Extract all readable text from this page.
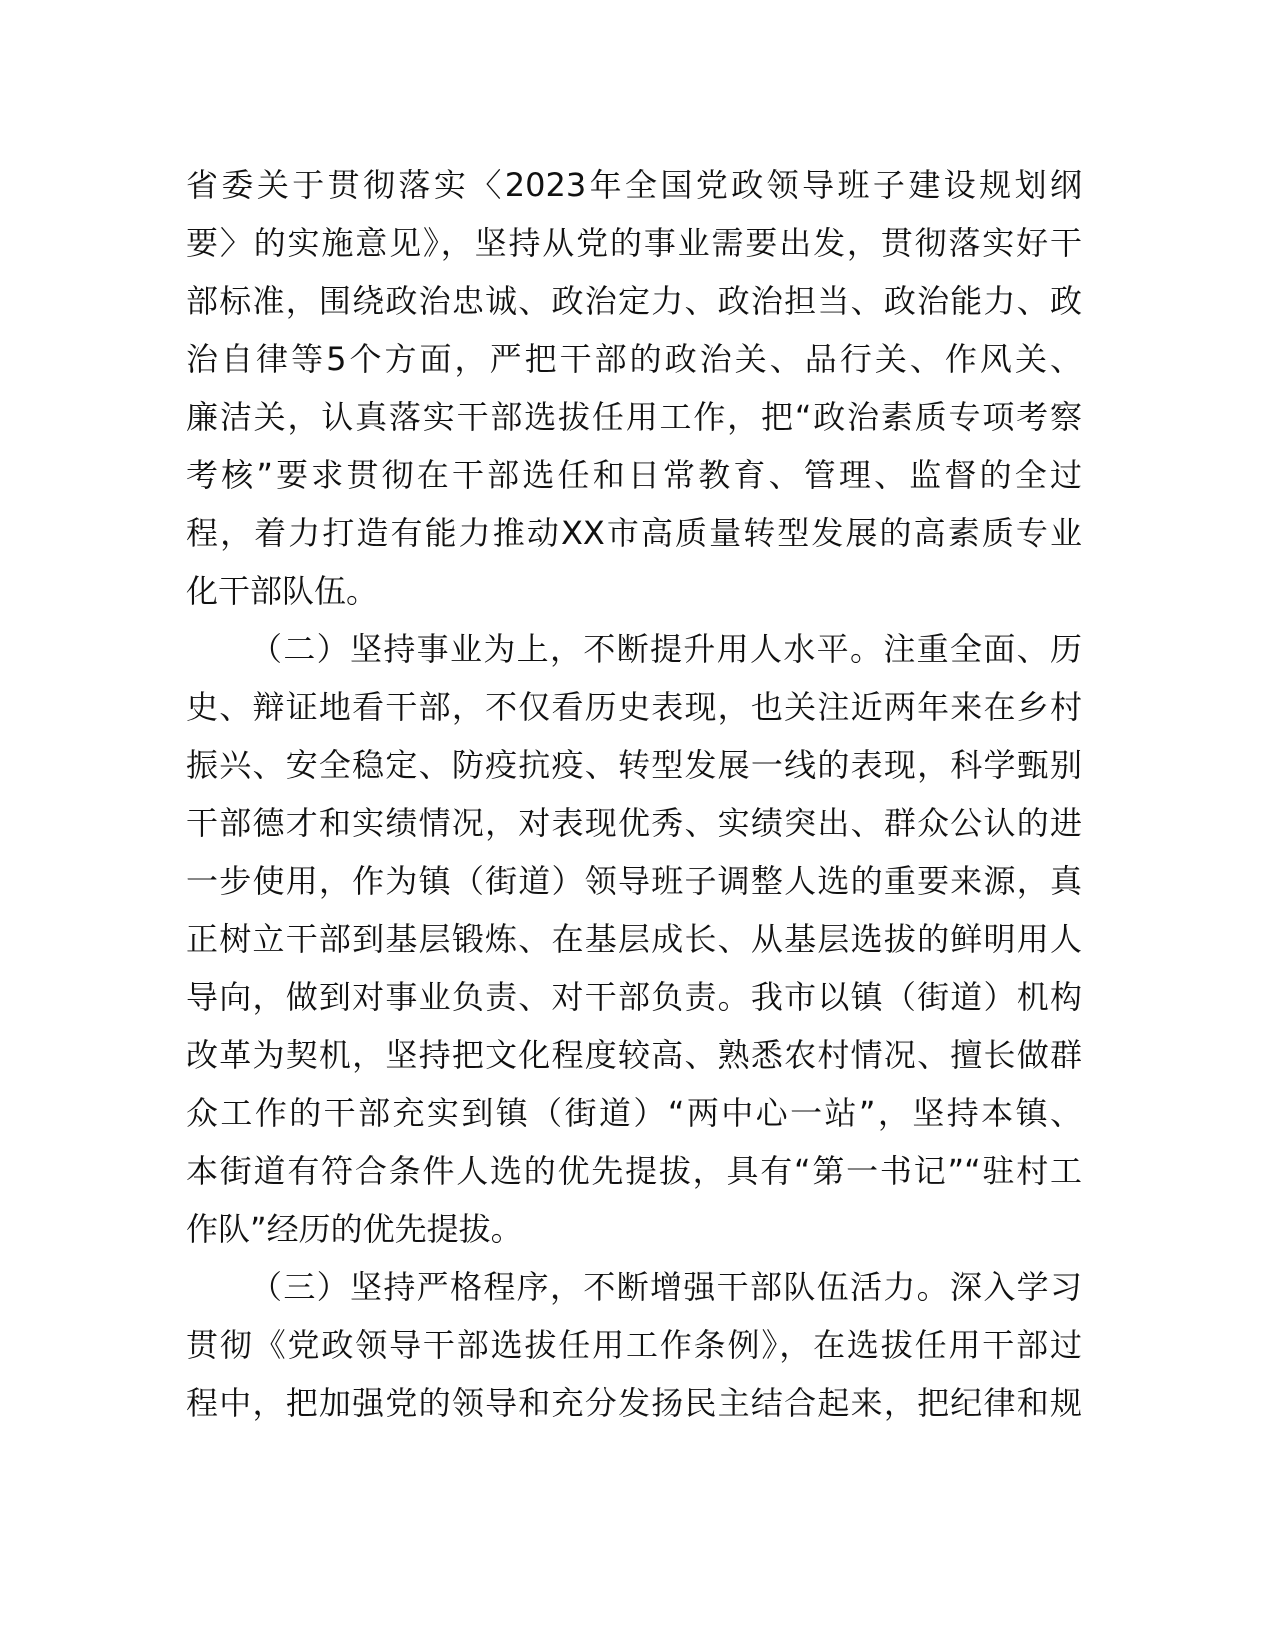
省委关于贯彻落实〈2023年全国党政领导班子建设规划纲
要〉的实施意见》，坚持从党的事业需要出发，贯彻落实好干
部标准，围绕政治忠诚、政治定力、政治担当、政治能力、政
治自律等5个方面，严把干部的政治关、品行关、作风关、
廉洁关，认真落实干部选拔任用工作，把“政治素质专项考察
考核”要求贯彻在干部选任和日常教育、管理、监督的全过
程，着力打造有能力推动XX市高质量转型发展的高素质专业
化干部队伍。
（二）坚持事业为上，不断提升用人水平。注重全面、历
史、辩证地看干部，不仅看历史表现，也关注近两年来在乡村
振兴、安全稳定、防疫抗疫、转型发展一线的表现，科学甄别
干部德才和实绩情况，对表现优秀、实绩突出、群众公认的进
一步使用，作为镇（街道）领导班子调整人选的重要来源，真
正树立干部到基层锻炼、在基层成长、从基层选拔的鲜明用人
导向，做到对事业负责、对干部负责。我市以镇（街道）机构
改革为契机，坚持把文化程度较高、熟悉农村情况、擅长做群
众工作的干部充实到镇（街道）“两中心一站”，坚持本镇、
本街道有符合条件人选的优先提拔，具有“第一书记”“驻村工
作队”经历的优先提拔。
（三）坚持严格程序，不断增强干部队伍活力。深入学习
贯彻《党政领导干部选拔任用工作条例》，在选拔任用干部过
程中，把加强党的领导和充分发扬民主结合起来，把纪律和规
